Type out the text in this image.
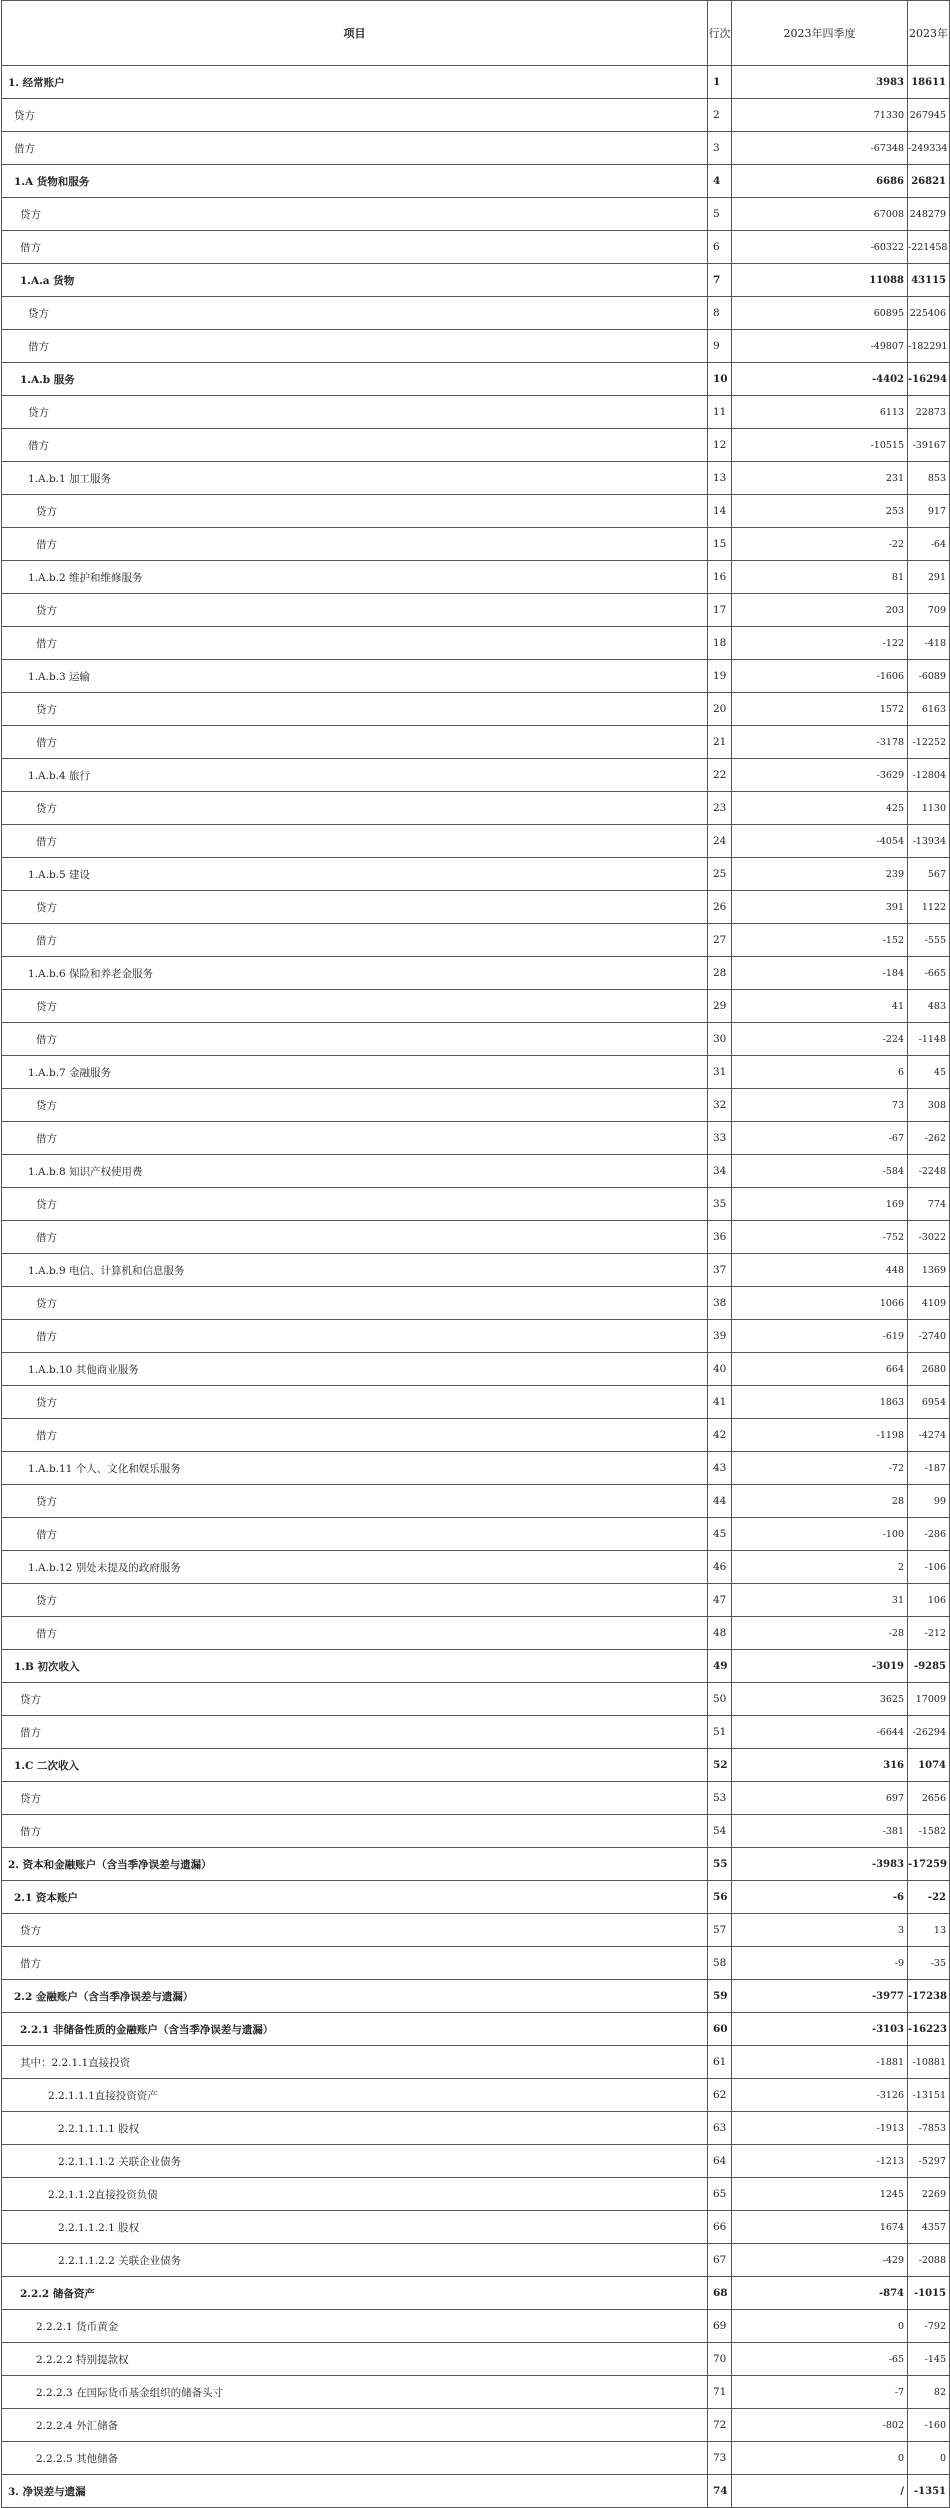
项目	行次	2023年四季度	2023年
1. 经常账户	1	3983	18611
贷方	2	71330	267945
借方	3	-67348	-249334
1.A 货物和服务	4	6686	26821
贷方	5	67008	248279
借方	6	-60322	-221458
1.A.a 货物	7	11088	43115
贷方	8	60895	225406
借方	9	-49807	-182291
1.A.b 服务	10	-4402	-16294
贷方	11	6113	22873
借方	12	-10515	-39167
1.A.b.1 加工服务	13	231	853
贷方	14	253	917
借方	15	-22	-64
1.A.b.2 维护和维修服务	16	81	291
贷方	17	203	709
借方	18	-122	-418
1.A.b.3 运输	19	-1606	-6089
贷方	20	1572	6163
借方	21	-3178	-12252
1.A.b.4 旅行	22	-3629	-12804
贷方	23	425	1130
借方	24	-4054	-13934
1.A.b.5 建设	25	239	567
贷方	26	391	1122
借方	27	-152	-555
1.A.b.6 保险和养老金服务	28	-184	-665
贷方	29	41	483
借方	30	-224	-1148
1.A.b.7 金融服务	31	6	45
贷方	32	73	308
借方	33	-67	-262
1.A.b.8 知识产权使用费	34	-584	-2248
贷方	35	169	774
借方	36	-752	-3022
1.A.b.9 电信、计算机和信息服务	37	448	1369
贷方	38	1066	4109
借方	39	-619	-2740
1.A.b.10 其他商业服务	40	664	2680
贷方	41	1863	6954
借方	42	-1198	-4274
1.A.b.11 个人、文化和娱乐服务	43	-72	-187
贷方	44	28	99
借方	45	-100	-286
1.A.b.12 别处未提及的政府服务	46	2	-106
贷方	47	31	106
借方	48	-28	-212
1.B 初次收入	49	-3019	-9285
贷方	50	3625	17009
借方	51	-6644	-26294
1.C 二次收入	52	316	1074
贷方	53	697	2656
借方	54	-381	-1582
2. 资本和金融账户（含当季净误差与遗漏）	55	-3983	-17259
2.1 资本账户	56	-6	-22
贷方	57	3	13
借方	58	-9	-35
2.2 金融账户（含当季净误差与遗漏）	59	-3977	-17238
2.2.1 非储备性质的金融账户（含当季净误差与遗漏）	60	-3103	-16223
其中：2.2.1.1直接投资	61	-1881	-10881
2.2.1.1.1直接投资资产	62	-3126	-13151
2.2.1.1.1.1 股权	63	-1913	-7853
2.2.1.1.1.2 关联企业债务	64	-1213	-5297
2.2.1.1.2直接投资负债	65	1245	2269
2.2.1.1.2.1 股权	66	1674	4357
2.2.1.1.2.2 关联企业债务	67	-429	-2088
2.2.2 储备资产	68	-874	-1015
2.2.2.1 货币黄金	69	0	-792
2.2.2.2 特别提款权	70	-65	-145
2.2.2.3 在国际货币基金组织的储备头寸	71	-7	82
2.2.2.4 外汇储备	72	-802	-160
2.2.2.5 其他储备	73	0	0
3. 净误差与遗漏	74	/	-1351
